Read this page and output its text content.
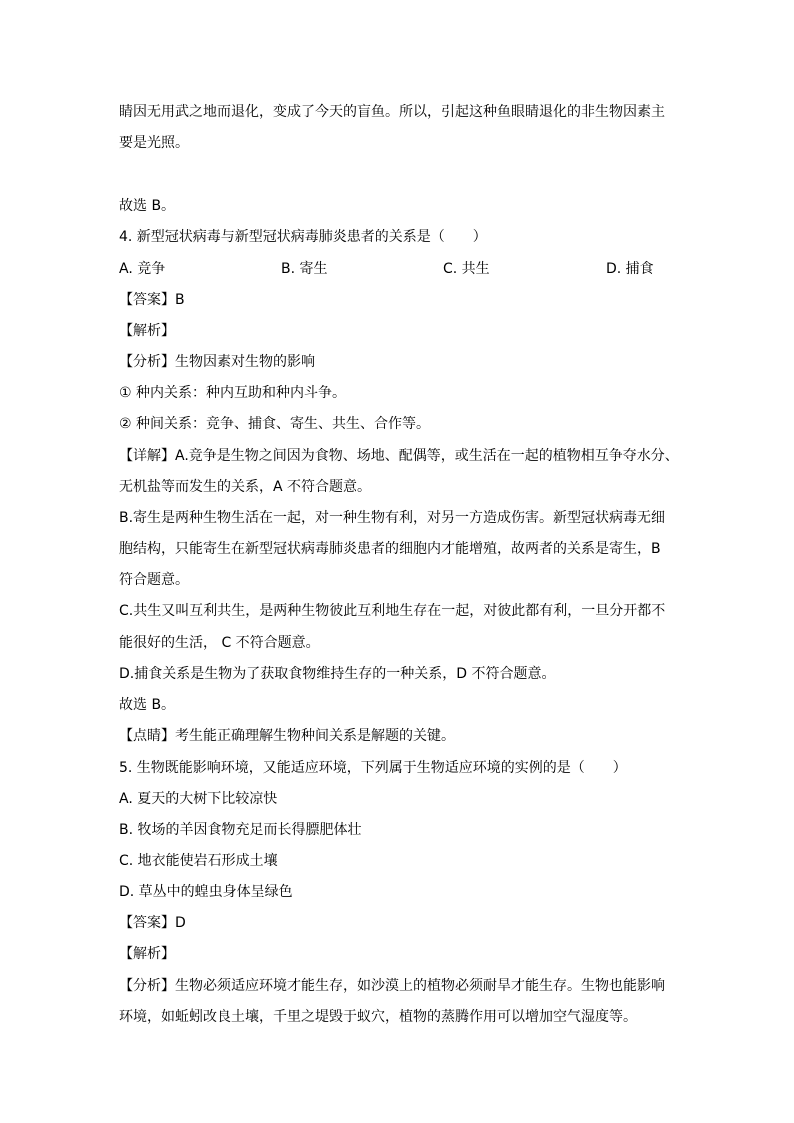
睛因无用武之地而退化，变成了今天的盲鱼。所以，引起这种鱼眼睛退化的非生物因素主
要是光照。
故选 B。
4. 新型冠状病毒与新型冠状病毒肺炎患者的关系是（　　）
A. 竞争	B. 寄生	C. 共生	D. 捕食
【答案】B
【解析】
【分析】生物因素对生物的影响
① 种内关系：种内互助和种内斗争。
② 种间关系：竞争、捕食、寄生、共生、合作等。
【详解】A.竞争是生物之间因为食物、场地、配偶等，或生活在一起的植物相互争夺水分、
无机盐等而发生的关系，A 不符合题意。
B.寄生是两种生物生活在一起，对一种生物有利，对另一方造成伤害。新型冠状病毒无细
胞结构，只能寄生在新型冠状病毒肺炎患者的细胞内才能增殖，故两者的关系是寄生，B
符合题意。
C.共生又叫互利共生，是两种生物彼此互利地生存在一起，对彼此都有利，一旦分开都不
能很好的生活， C 不符合题意。
D.捕食关系是生物为了获取食物维持生存的一种关系，D 不符合题意。
故选 B。
【点睛】考生能正确理解生物种间关系是解题的关键。
5. 生物既能影响环境，又能适应环境，下列属于生物适应环境的实例的是（　　）
A. 夏天的大树下比较凉快
B. 牧场的羊因食物充足而长得膘肥体壮
C. 地衣能使岩石形成土壤
D. 草丛中的蝗虫身体呈绿色
【答案】D
【解析】
【分析】生物必须适应环境才能生存，如沙漠上的植物必须耐旱才能生存。生物也能影响
环境，如蚯蚓改良土壤，千里之堤毁于蚁穴，植物的蒸腾作用可以增加空气湿度等。
